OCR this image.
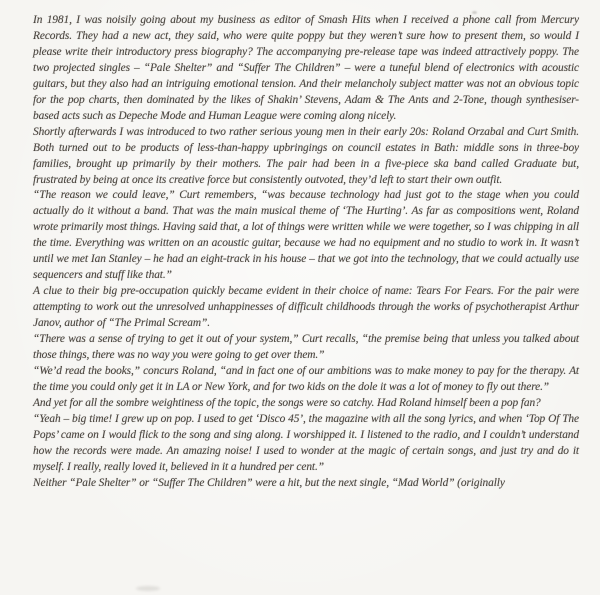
In 1981, I was noisily going about my business as editor of Smash Hits when I received a phone call from Mercury Records. They had a new act, they said, who were quite poppy but they weren’t sure how to present them, so would I please write their introductory press biography? The accompanying pre-release tape was indeed attractively poppy. The two projected singles – “Pale Shelter” and “Suffer The Children” – were a tuneful blend of electronics with acoustic guitars, but they also had an intriguing emotional tension. And their melancholy subject matter was not an obvious topic for the pop charts, then dominated by the likes of Shakin’ Stevens, Adam & The Ants and 2-Tone, though synthesiser-based acts such as Depeche Mode and Human League were coming along nicely.

Shortly afterwards I was introduced to two rather serious young men in their early 20s: Roland Orzabal and Curt Smith. Both turned out to be products of less-than-happy upbringings on council estates in Bath: middle sons in three-boy families, brought up primarily by their mothers. The pair had been in a five-piece ska band called Graduate but, frustrated by being at once its creative force but consistently outvoted, they’d left to start their own outfit.

“The reason we could leave,” Curt remembers, “was because technology had just got to the stage when you could actually do it without a band. That was the main musical theme of ‘The Hurting’. As far as compositions went, Roland wrote primarily most things. Having said that, a lot of things were written while we were together, so I was chipping in all the time. Everything was written on an acoustic guitar, because we had no equipment and no studio to work in. It wasn’t until we met Ian Stanley – he had an eight-track in his house – that we got into the technology, that we could actually use sequencers and stuff like that.”

A clue to their big pre-occupation quickly became evident in their choice of name: Tears For Fears. For the pair were attempting to work out the unresolved unhappinesses of difficult childhoods through the works of psychotherapist Arthur Janov, author of “The Primal Scream”.

“There was a sense of trying to get it out of your system,” Curt recalls, “the premise being that unless you talked about those things, there was no way you were going to get over them.”

“We’d read the books,” concurs Roland, “and in fact one of our ambitions was to make money to pay for the therapy. At the time you could only get it in LA or New York, and for two kids on the dole it was a lot of money to fly out there.”

And yet for all the sombre weightiness of the topic, the songs were so catchy. Had Roland himself been a pop fan?

“Yeah – big time! I grew up on pop. I used to get ‘Disco 45’, the magazine with all the song lyrics, and when ‘Top Of The Pops’ came on I would flick to the song and sing along. I worshipped it. I listened to the radio, and I couldn’t understand how the records were made. An amazing noise! I used to wonder at the magic of certain songs, and just try and do it myself. I really, really loved it, believed in it a hundred per cent.”

Neither “Pale Shelter” or “Suffer The Children” were a hit, but the next single, “Mad World” (originally
